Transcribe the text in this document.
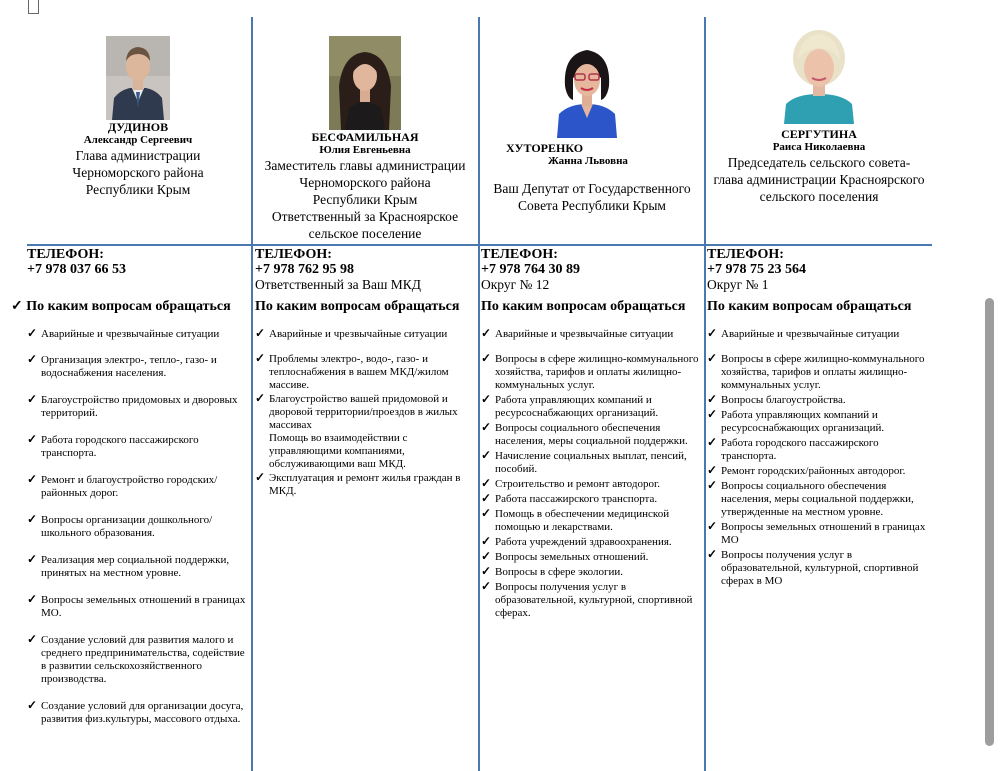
ДУДИНОВ
Александр Сергеевич
Глава администрации
Черноморского района
Республики Крым
БЕСФАМИЛЬНАЯ
Юлия Евгеньевна
Заместитель главы администрации
Черноморского района
Республики Крым
Ответственный за Красноярское
сельское поселение
ХУТОРЕНКО
Жанна Львовна
Ваш Депутат от Государственного
Совета Республики Крым
СЕРГУТИНА
Раиса Николаевна
Председатель сельского совета-
глава администрации Красноярского
сельского поселения
ТЕЛЕФОН:
+7 978 037 66 53
✓ По каким вопросам обращаться
✓ Аварийные и чрезвычайные ситуации
✓ Организация электро-, тепло-, газо- и водоснабжения населения.
✓ Благоустройство придомовых и дворовых территорий.
✓ Работа городского пассажирского транспорта.
✓ Ремонт и благоустройство городских/ районных дорог.
✓ Вопросы организации дошкольного/ школьного образования.
✓ Реализация мер социальной поддержки, принятых на местном уровне.
✓ Вопросы земельных отношений в границах МО.
✓ Создание условий для развития малого и среднего предпринимательства, содействие в развитии сельскохозяйственного производства.
✓ Создание условий для организации досуга, развития физ.культуры, массового отдыха.
ТЕЛЕФОН:
+7 978 762 95 98
Ответственный за Ваш МКД
По каким вопросам обращаться
✓ Аварийные и чрезвычайные ситуации
✓ Проблемы электро-, водо-, газо- и теплоснабжения в вашем МКД/жилом массиве.
✓ Благоустройство вашей придомовой и дворовой территории/проездов в жилых массивах
Помощь во взаимодействии с управляющими компаниями, обслуживающими ваш МКД.
✓ Эксплуатация и ремонт жилья граждан в МКД.
ТЕЛЕФОН:
+7 978 764 30 89
Округ № 12
По каким вопросам обращаться
✓ Аварийные и чрезвычайные ситуации
✓ Вопросы в сфере жилищно-коммунального хозяйства, тарифов и оплаты жилищно-коммунальных услуг.
✓ Работа управляющих компаний и ресурсоснабжающих организаций.
✓ Вопросы социального обеспечения населения, меры социальной поддержки.
✓ Начисление социальных выплат, пенсий, пособий.
✓ Строительство и ремонт автодорог.
✓ Работа пассажирского транспорта.
✓ Помощь в обеспечении медицинской помощью и лекарствами.
✓ Работа учреждений здравоохранения.
✓ Вопросы земельных отношений.
✓ Вопросы в сфере экологии.
✓ Вопросы получения услуг в образовательной, культурной, спортивной сферах.
ТЕЛЕФОН:
+7 978 75 23 564
Округ № 1
По каким вопросам обращаться
✓ Аварийные и чрезвычайные ситуации
✓ Вопросы в сфере жилищно-коммунального хозяйства, тарифов и оплаты жилищно-коммунальных услуг.
✓ Вопросы благоустройства.
✓ Работа управляющих компаний и ресурсоснабжающих организаций.
✓ Работа городского пассажирского транспорта.
✓ Ремонт городских/районных автодорог.
✓ Вопросы социального обеспечения населения, меры социальной поддержки, утвержденные на местном уровне.
✓ Вопросы земельных отношений в границах МО
✓ Вопросы получения услуг в образовательной, культурной, спортивной сферах в МО
